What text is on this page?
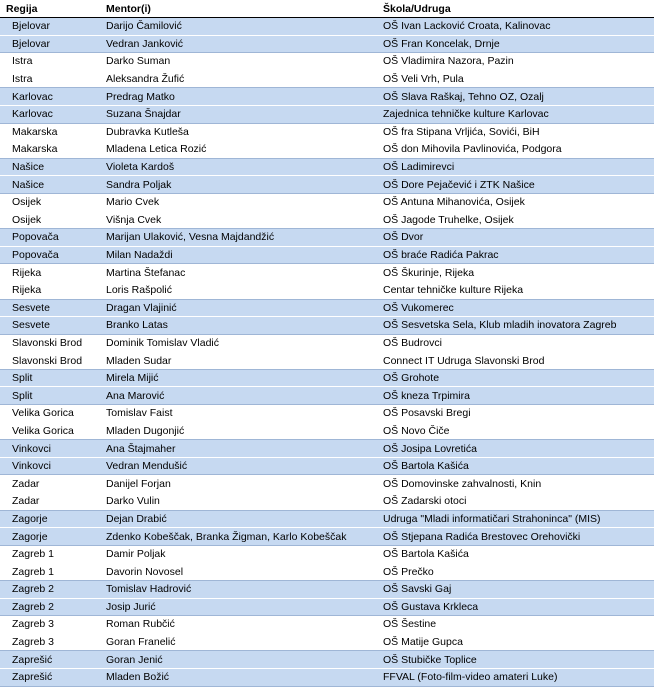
Regija	Mentor(i)	Škola/Udruga
Bjelovar	Darijo Čamilović	OŠ Ivan Lacković Croata, Kalinovac
Bjelovar	Vedran Janković	OŠ Fran Koncelak, Drnje
Istra	Darko Suman	OŠ Vladimira Nazora, Pazin
Istra	Aleksandra Žufić	OŠ Veli Vrh, Pula
Karlovac	Predrag Matko	OŠ Slava Raškaj, Tehno OZ, Ozalj
Karlovac	Suzana Šnajdar	Zajednica tehničke kulture Karlovac
Makarska	Dubravka Kutleša	OŠ fra Stipana Vrljića, Sovići, BiH
Makarska	Mladena Letica Rozić	OŠ don Mihovila Pavlinovića, Podgora
Našice	Violeta Kardoš	OŠ Ladimirevci
Našice	Sandra Poljak	OŠ Dore Pejačević i ZTK Našice
Osijek	Mario Cvek	OŠ Antuna Mihanovića, Osijek
Osijek	Višnja Cvek	OŠ Jagode Truhelke, Osijek
Popovača	Marijan Ulaković, Vesna Majdandžić	OŠ Dvor
Popovača	Milan Nadaždi	OŠ braće Radića Pakrac
Rijeka	Martina Štefanac	OŠ Škurinje, Rijeka
Rijeka	Loris Rašpolić	Centar tehničke kulture Rijeka
Sesvete	Dragan Vlajinić	OŠ Vukomerec
Sesvete	Branko Latas	OŠ Sesvetska Sela, Klub mladih inovatora Zagreb
Slavonski Brod	Dominik Tomislav Vladić	OŠ Budrovci
Slavonski Brod	Mladen Sudar	Connect IT Udruga Slavonski Brod
Split	Mirela Mijić	OŠ Grohote
Split	Ana Marović	OŠ kneza Trpimira
Velika Gorica	Tomislav Faist	OŠ Posavski Bregi
Velika Gorica	Mladen Dugonjić	OŠ Novo Čiče
Vinkovci	Ana Štajmaher	OŠ Josipa Lovretića
Vinkovci	Vedran Mendušić	OŠ Bartola Kašića
Zadar	Danijel Forjan	OŠ Domovinske zahvalnosti, Knin
Zadar	Darko Vulin	OŠ Zadarski otoci
Zagorje	Dejan Drabić	Udruga "Mladi informatičari Strahoninca" (MIS)
Zagorje	Zdenko Kobeščak, Branka Žigman, Karlo Kobeščak	OŠ Stjepana Radića Brestovec Orehovički
Zagreb 1	Damir Poljak	OŠ Bartola Kašića
Zagreb 1	Davorin Novosel	OŠ Prečko
Zagreb 2	Tomislav Hadrović	OŠ Savski Gaj
Zagreb 2	Josip Jurić	OŠ Gustava Krkleca
Zagreb 3	Roman Rubčić	OŠ Šestine
Zagreb 3	Goran Franelić	OŠ Matije Gupca
Zaprešić	Goran Jenić	OŠ Stubičke Toplice
Zaprešić	Mladen Božić	FFVAL (Foto-film-video amateri Luke)
